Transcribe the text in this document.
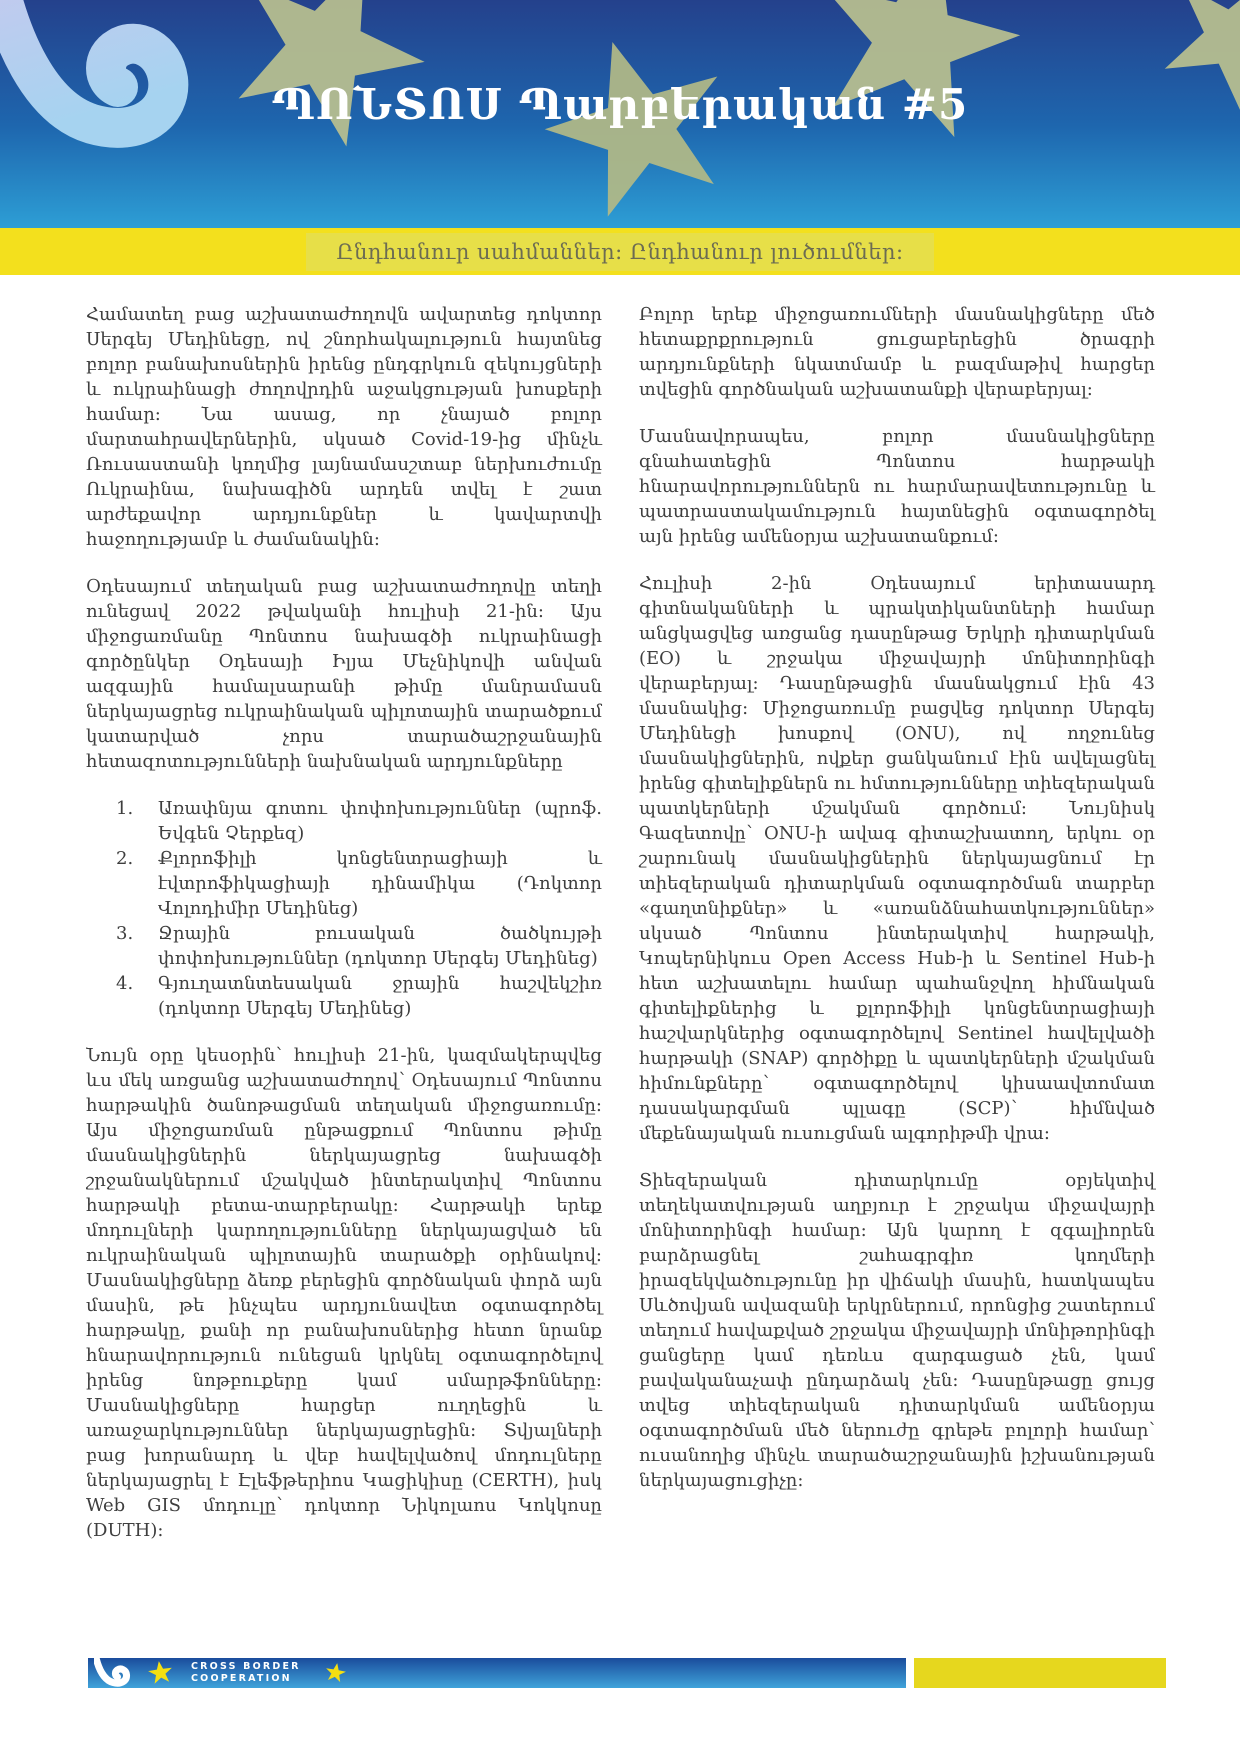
ՊՈՆՏՈՍ Պարբերական #5
Ընդհանուր սահմաններ: Ընդհանուր լուծումներ:

Համատեղ բաց աշխատաժողովն ավարտեց դոկտոր Սերգեյ Մեդինեցը, ով շնորհակալություն հայտնեց բոլոր բանախոսներին իրենց ընդգրկուն զեկույցների և ուկրաինացի ժողովրդին աջակցության խոսքերի համար: Նա ասաց, որ չնայած բոլոր մարտահրավերներին, սկսած Covid-19-ից մինչև Ռուսաստանի կողմից լայնամասշտաբ ներխուժումը Ուկրաինա, նախագիծն արդեն տվել է շատ արժեքավոր արդյունքներ և կավարտվի հաջողությամբ և ժամանակին:

Օդեսայում տեղական բաց աշխատաժողովը տեղի ունեցավ 2022 թվականի հուլիսի 21-ին: Այս միջոցառմանը Պոնտոս նախագծի ուկրաինացի գործընկեր Օդեսայի Իլյա Մեչնիկովի անվան ազգային համալսարանի թիմը մանրամասն ներկայացրեց ուկրաինական պիլոտային տարածքում կատարված չորս տարածաշրջանային հետազոտությունների նախնական արդյունքները

1.	Առափնյա գոտու փոփոխություններ (պրոֆ. Եվգեն Չերքեզ)
2.	Քլորոֆիլի կոնցենտրացիայի և էվտրոֆիկացիայի դինամիկա (Դոկտոր Վոլոդիմիր Մեդինեց)
3.	Ջրային բուսական ծածկույթի փոփոխություններ (դոկտոր Սերգեյ Մեդինեց)
4.	Գյուղատնտեսական ջրային հաշվեկշիռ (դոկտոր Սերգեյ Մեդինեց)

Նույն օրը կեսօրին՝ հուլիսի 21-ին, կազմակերպվեց ևս մեկ առցանց աշխատաժողով՝ Օդեսայում Պոնտոս հարթակին ծանոթացման տեղական միջոցառումը: Այս միջոցառման ընթացքում Պոնտոս թիմը մասնակիցներին ներկայացրեց նախագծի շրջանակներում մշակված ինտերակտիվ Պոնտոս հարթակի բետա-տարբերակը: Հարթակի երեք մոդուլների կարողությունները ներկայացված են ուկրաինական պիլոտային տարածքի օրինակով: Մասնակիցները ձեռք բերեցին գործնական փորձ այն մասին, թե ինչպես արդյունավետ օգտագործել հարթակը, քանի որ բանախոսներից հետո նրանք հնարավորություն ունեցան կրկնել օգտագործելով իրենց նոթբուքերը կամ սմարթֆոնները: Մասնակիցները հարցեր ուղղեցին և առաջարկություններ ներկայացրեցին: Տվյալների բաց խորանարդ և վեբ հավելվածով մոդուլները ներկայացրել է Էլեֆթերիոս Կացիկիսը (CERTH), իսկ Web GIS մոդուլը՝ դոկտոր Նիկոլաոս Կոկկոսը (DUTH):

Բոլոր երեք միջոցառումների մասնակիցները մեծ հետաքրքրություն ցուցաբերեցին ծրագրի արդյունքների նկատմամբ և բազմաթիվ հարցեր տվեցին գործնական աշխատանքի վերաբերյալ:

Մասնավորապես, բոլոր մասնակիցները գնահատեցին Պոնտոս հարթակի հնարավորություններն ու հարմարավետությունը և պատրաստակամություն հայտնեցին օգտագործել այն իրենց ամենօրյա աշխատանքում:

Հուլիսի 2-ին Օդեսայում երիտասարդ գիտնականների և պրակտիկանտների համար անցկացվեց առցանց դասընթաց Երկրի դիտարկման (EO) և շրջակա միջավայրի մոնիտորինգի վերաբերյալ: Դասընթացին մասնակցում էին 43 մասնակից: Միջոցառումը բացվեց դոկտոր Սերգեյ Մեդինեցի խոսքով (ONU), ով ողջունեց մասնակիցներին, ովքեր ցանկանում էին ավելացնել իրենց գիտելիքներն ու հմտությունները տիեզերական պատկերների մշակման գործում: Նույնիսկ Գազետովը՝ ONU-ի ավագ գիտաշխատող, երկու օր շարունակ մասնակիցներին ներկայացնում էր տիեզերական դիտարկման օգտագործման տարբեր «գաղտնիքներ» և «առանձնահատկություններ» սկսած Պոնտոս ինտերակտիվ հարթակի, Կոպերնիկուս Open Access Hub-ի և Sentinel Hub-ի հետ աշխատելու համար պահանջվող հիմնական գիտելիքներից և քլորոֆիլի կոնցենտրացիայի հաշվարկներից օգտագործելով Sentinel հավելվածի հարթակի (SNAP) գործիքը և պատկերների մշակման հիմունքները՝ օգտագործելով կիսաավտոմատ դասակարգման պլագը (SCP)՝ հիմնված մեքենայական ուսուցման ալգորիթմի վրա:

Տիեզերական դիտարկումը օբյեկտիվ տեղեկատվության աղբյուր է շրջակա միջավայրի մոնիտորինգի համար: Այն կարող է զգալիորեն բարձրացնել շահագրգիռ կողմերի իրազեկվածությունը իր վիճակի մասին, հատկապես Սևծովյան ավազանի երկրներում, որոնցից շատերում տեղում հավաքված շրջակա միջավայրի մոնիթորինգի ցանցերը կամ դեռևս զարգացած չեն, կամ բավականաչափ ընդարձակ չեն: Դասընթացը ցույց տվեց տիեզերական դիտարկման ամենօրյա օգտագործման մեծ ներուժը գրեթե բոլորի համար՝ ուսանողից մինչև տարածաշրջանային իշխանության ներկայացուցիչը:

CROSS BORDER
COOPERATION
